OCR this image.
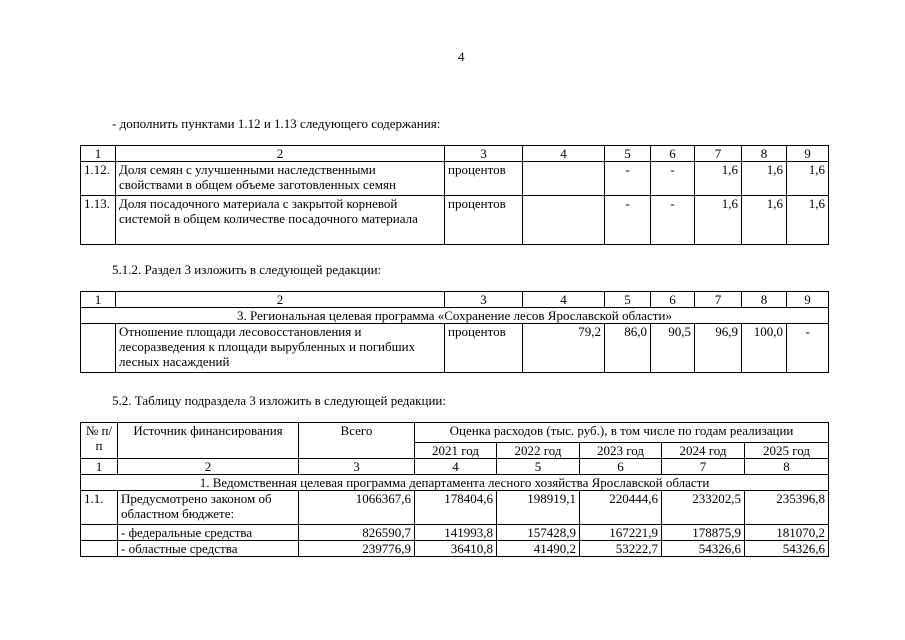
4
- дополнить пунктами 1.12 и 1.13 следующего содержания:
1	2	3	4	5	6	7	8	9
1.12.	Доля семян с улучшенными наследственными свойствами в общем объеме заготовленных семян	процентов		-	-	1,6	1,6	1,6
1.13.	Доля посадочного материала с закрытой корневой системой в общем количестве посадочного материала	процентов		-	-	1,6	1,6	1,6
5.1.2. Раздел 3 изложить в следующей редакции:
1	2	3	4	5	6	7	8	9
3. Региональная целевая программа «Сохранение лесов Ярославской области»								
	Отношение площади лесовосстановления и лесоразведения к площади вырубленных и погибших лесных насаждений	процентов	79,2	86,0	90,5	96,9	100,0	-
5.2. Таблицу подраздела 3 изложить в следующей редакции:
№ п/п	Источник финансирования	Всего	Оценка расходов (тыс. руб.), в том числе по годам реализации				
			2021 год	2022 год	2023 год	2024 год	2025 год
1	2	3	4	5	6	7	8
1. Ведомственная целевая программа департамента лесного хозяйства Ярославской области							
1.1.	Предусмотрено законом об областном бюджете:	1066367,6	178404,6	198919,1	220444,6	233202,5	235396,8
	- федеральные средства	826590,7	141993,8	157428,9	167221,9	178875,9	181070,2
	- областные средства	239776,9	36410,8	41490,2	53222,7	54326,6	54326,6
